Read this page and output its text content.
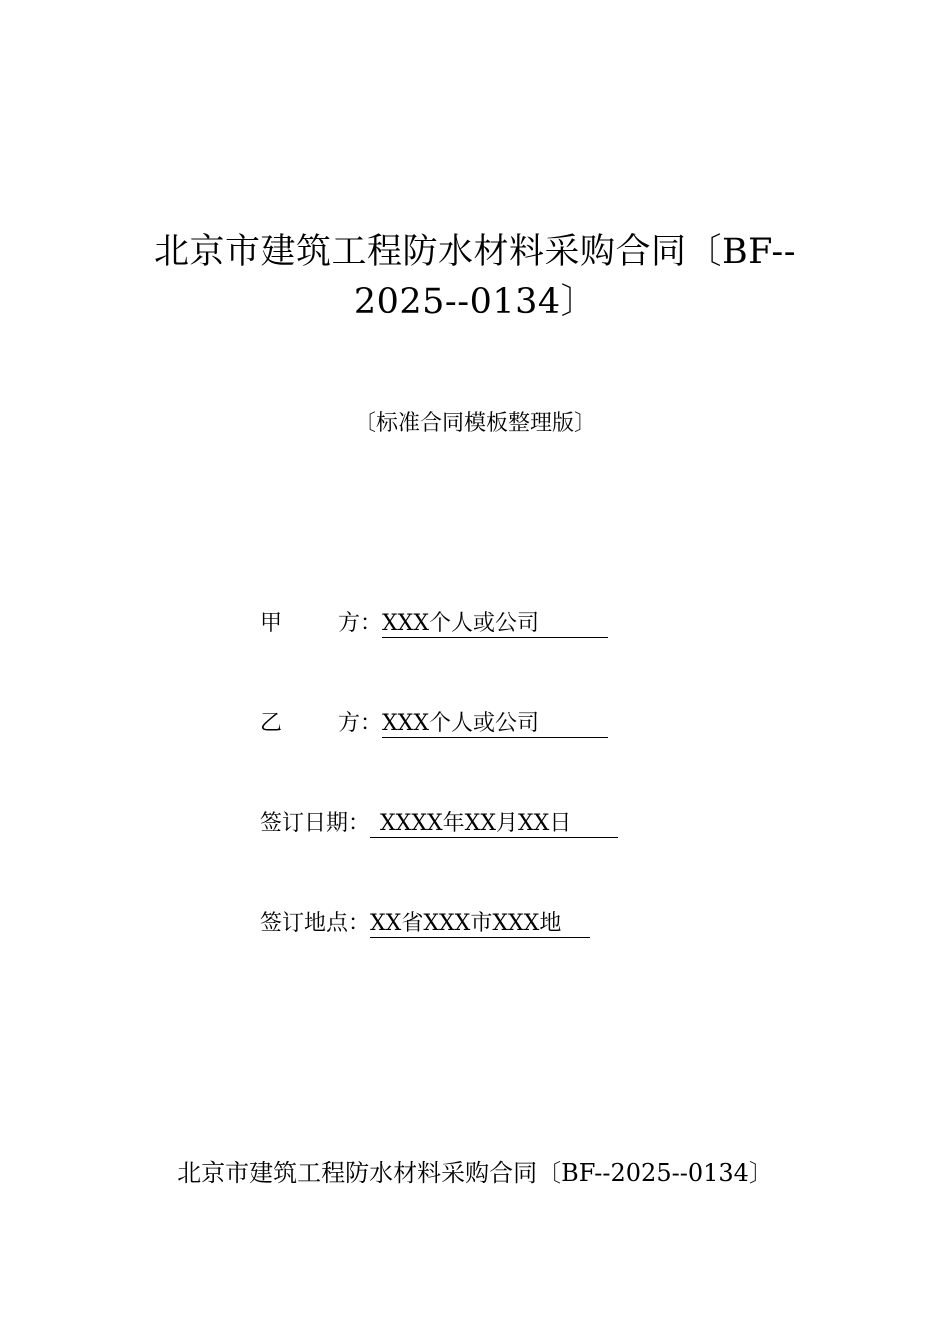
北京市建筑工程防水材料采购合同〔BF--
2025--0134〕
〔标准合同模板整理版〕
甲	方：XXX个人或公司
乙	方：XXX个人或公司
签订日期： XXXX年XX月XX日
签订地点：XX省XXX市XXX地
北京市建筑工程防水材料采购合同〔BF--2025--0134〕
